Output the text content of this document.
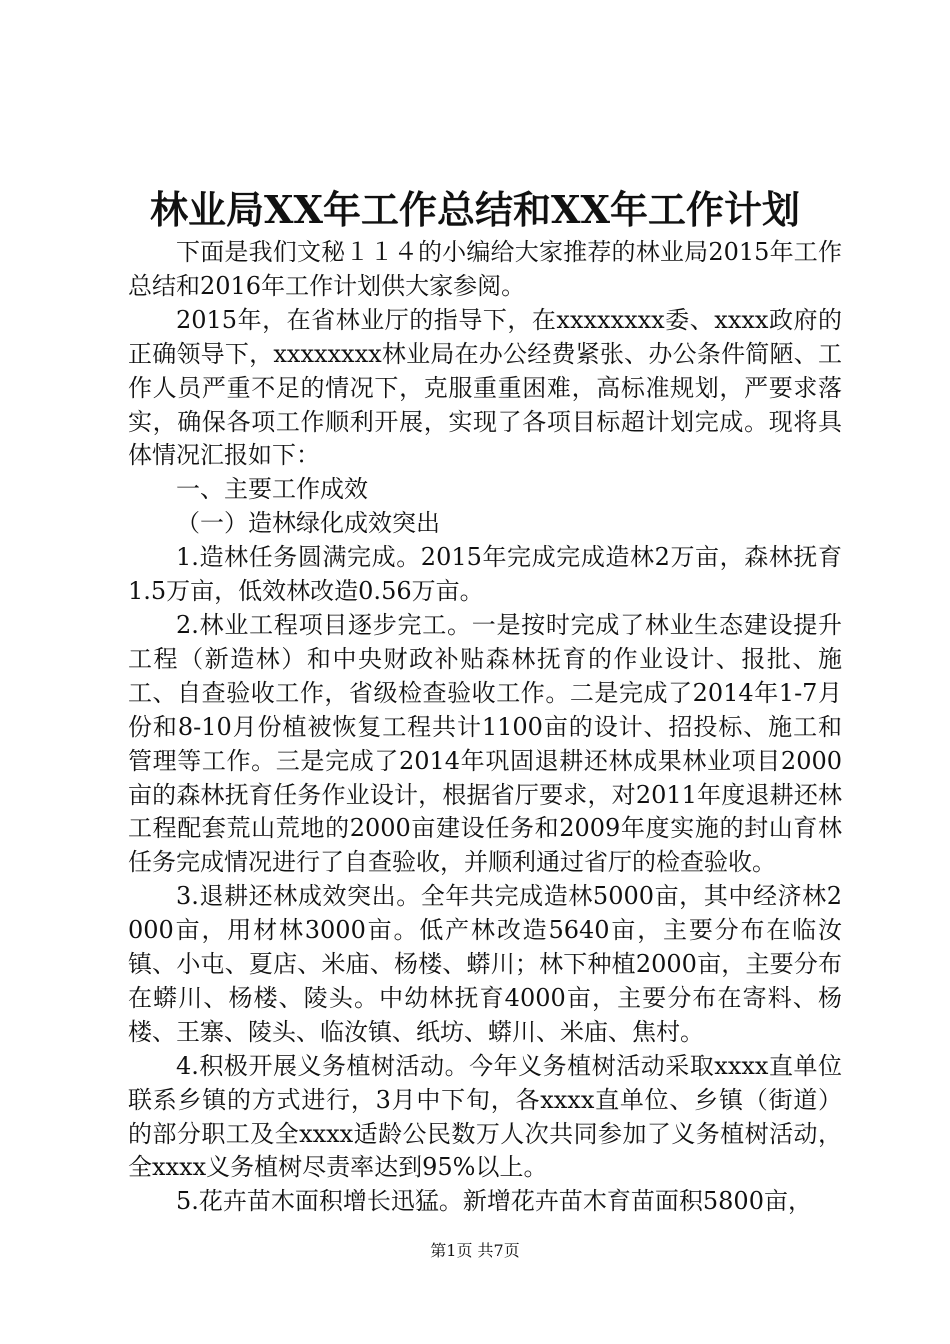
林业局XX年工作总结和XX年工作计划

下面是我们文秘１１４的小编给大家推荐的林业局2015年工作总结和2016年工作计划供大家参阅。

2015年，在省林业厅的指导下，在xxxxxxxx委、xxxx政府的正确领导下，xxxxxxxx林业局在办公经费紧张、办公条件简陋、工作人员严重不足的情况下，克服重重困难，高标准规划，严要求落实，确保各项工作顺利开展，实现了各项目标超计划完成。现将具体情况汇报如下：

一、主要工作成效

（一）造林绿化成效突出

1.造林任务圆满完成。2015年完成完成造林2万亩，森林抚育1.5万亩，低效林改造0.56万亩。

2.林业工程项目逐步完工。一是按时完成了林业生态建设提升工程（新造林）和中央财政补贴森林抚育的作业设计、报批、施工、自查验收工作，省级检查验收工作。二是完成了2014年1-7月份和8-10月份植被恢复工程共计1100亩的设计、招投标、施工和管理等工作。三是完成了2014年巩固退耕还林成果林业项目2000亩的森林抚育任务作业设计，根据省厅要求，对2011年度退耕还林工程配套荒山荒地的2000亩建设任务和2009年度实施的封山育林任务完成情况进行了自查验收，并顺利通过省厅的检查验收。

3.退耕还林成效突出。全年共完成造林5000亩，其中经济林2000亩，用材林3000亩。低产林改造5640亩，主要分布在临汝镇、小屯、夏店、米庙、杨楼、蟒川；林下种植2000亩，主要分布在蟒川、杨楼、陵头。中幼林抚育4000亩，主要分布在寄料、杨楼、王寨、陵头、临汝镇、纸坊、蟒川、米庙、焦村。

4.积极开展义务植树活动。今年义务植树活动采取xxxx直单位联系乡镇的方式进行，3月中下旬，各xxxx直单位、乡镇（街道）的部分职工及全xxxx适龄公民数万人次共同参加了义务植树活动，全xxxx义务植树尽责率达到95%以上。

5.花卉苗木面积增长迅猛。新增花卉苗木育苗面积5800亩，

第1页 共7页
